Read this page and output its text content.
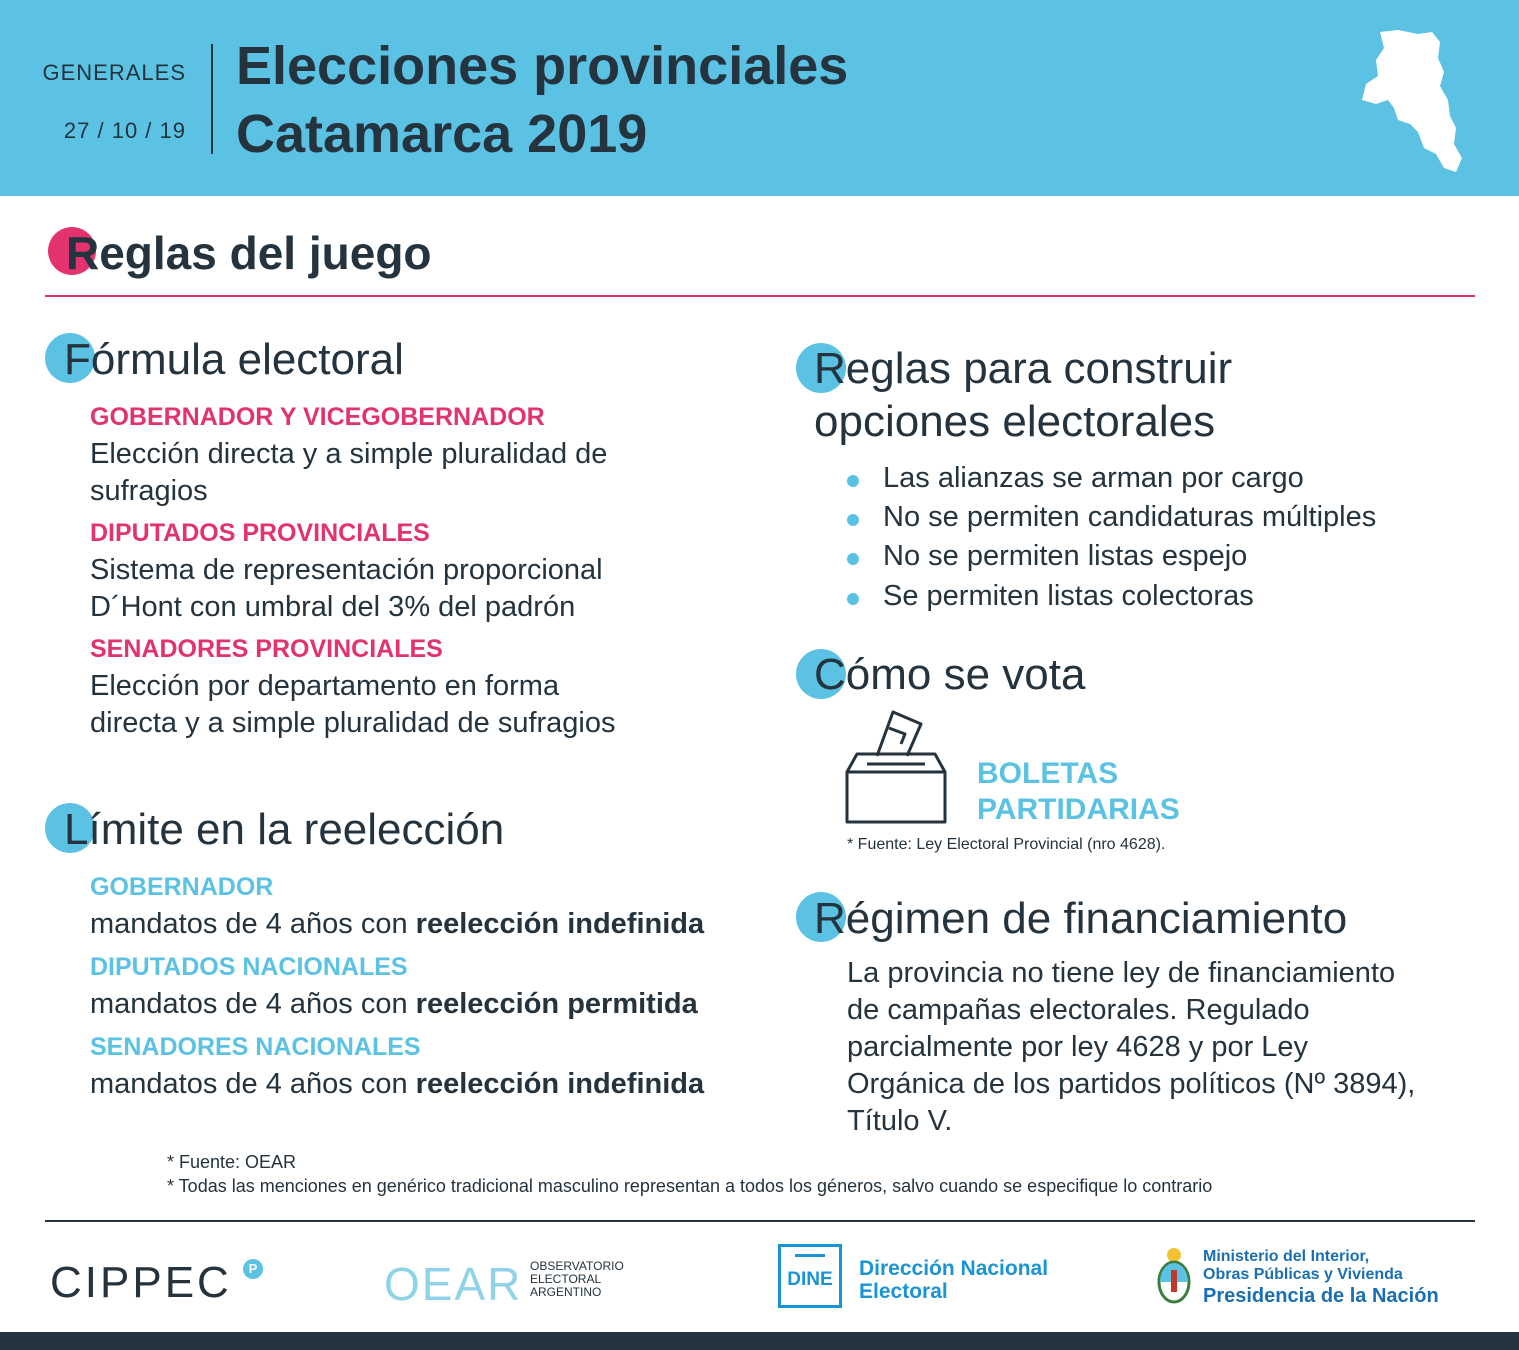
GENERALES
27 / 10 / 19
Elecciones provinciales
Catamarca 2019
Reglas del juego
Fórmula electoral
GOBERNADOR Y VICEGOBERNADOR
Elección directa y a simple pluralidad de
sufragios
DIPUTADOS PROVINCIALES
Sistema de representación proporcional
D´Hont con umbral del 3% del padrón
SENADORES PROVINCIALES
Elección por departamento en forma
directa y a simple pluralidad de sufragios
Límite en la reelección
GOBERNADOR
mandatos de 4 años con reelección indefinida
DIPUTADOS NACIONALES
mandatos de 4 años con reelección permitida
SENADORES NACIONALES
mandatos de 4 años con reelección indefinida
Reglas para construir
opciones electorales
Las alianzas se arman por cargo
No se permiten candidaturas múltiples
No se permiten listas espejo
Se permiten listas colectoras
Cómo se vota
BOLETAS
PARTIDARIAS
* Fuente: Ley Electoral Provincial (nro 4628).
Régimen de financiamiento
La provincia no tiene ley de financiamiento
de campañas electorales. Regulado
parcialmente por ley 4628 y por Ley
Orgánica de los partidos políticos (Nº 3894),
Título V.
* Fuente: OEAR
* Todas las menciones en genérico tradicional masculino representan a todos los géneros, salvo cuando se especifique lo contrario
CIPPEC	P	OEAR OBSERVATORIO
ELECTORAL
ARGENTINO
DINE Dirección Nacional
Electoral
Ministerio del Interior,
Obras Públicas y Vivienda
Presidencia de la Nación
